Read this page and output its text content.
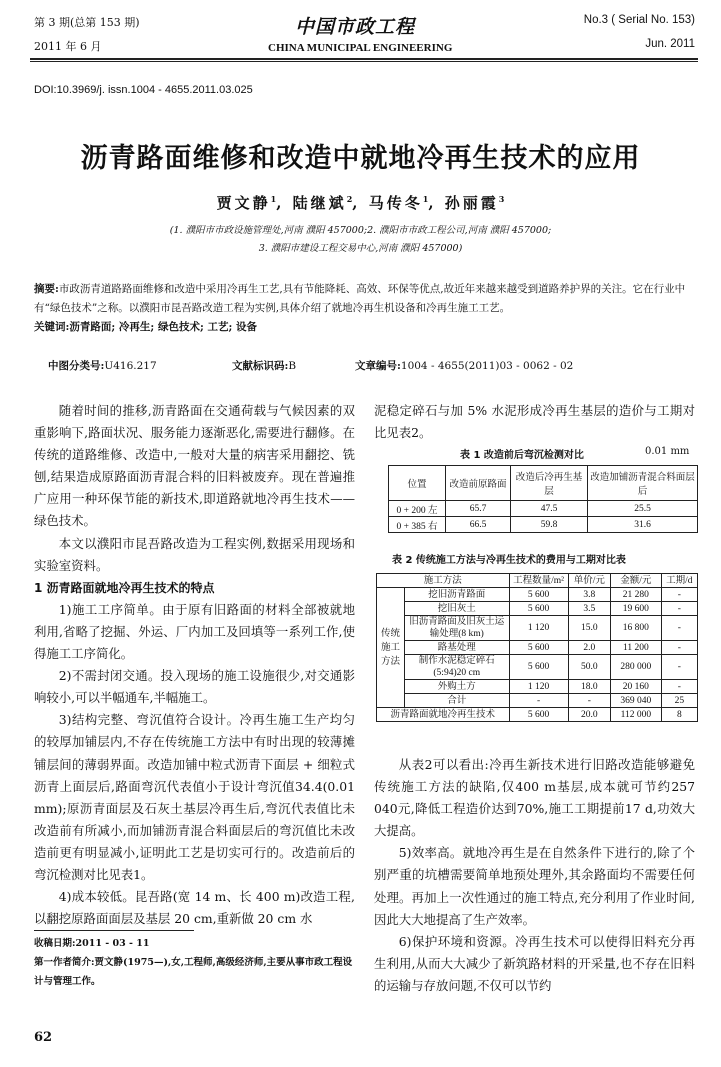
第 3 期(总第 153 期)
2011 年 6 月
中国市政工程
CHINA MUNICIPAL ENGINEERING
No.3 ( Serial No. 153)
Jun. 2011
DOI:10.3969/j. issn.1004 - 4655.2011.03.025
沥青路面维修和改造中就地冷再生技术的应用
贾文静$^1$, 陆继斌$^2$, 马传冬$^1$, 孙丽霞$^3$
(1. 濮阳市市政设施管理处,河南 濮阳 457000;2. 濮阳市市政工程公司,河南 濮阳 457000;
3. 濮阳市建设工程交易中心,河南 濮阳 457000)
摘要:市政沥青道路路面维修和改造中采用冷再生工艺,具有节能降耗、高效、环保等优点,故近年来越来越受到道路养护界的关注。它在行业中有“绿色技术”之称。以濮阳市昆吾路改造工程为实例,具体介绍了就地冷再生机设备和冷再生施工工艺。
关键词:沥青路面; 冷再生; 绿色技术; 工艺; 设备
中图分类号:U416.217	文献标识码:B	文章编号:1004 - 4655(2011)03 - 0062 - 02

随着时间的推移,沥青路面在交通荷载与气候因素的双重影响下,路面状况、服务能力逐渐恶化,需要进行翻修。在传统的道路维修、改造中,一般对大量的病害采用翻挖、铣刨,结果造成原路面沥青混合料的旧料被废弃。现在普遍推广应用一种环保节能的新技术,即道路就地冷再生技术——绿色技术。

本文以濮阳市昆吾路改造为工程实例,数据采用现场和实验室资料。

1 沥青路面就地冷再生技术的特点

1)施工工序简单。由于原有旧路面的材料全部被就地利用,省略了挖掘、外运、厂内加工及回填等一系列工作,使得施工工序简化。

2)不需封闭交通。投入现场的施工设施很少,对交通影响较小,可以半幅通车,半幅施工。

3)结构完整、弯沉值符合设计。冷再生施工生产均匀的较厚加铺层内,不存在传统施工方法中有时出现的较薄摊铺层间的薄弱界面。改造加铺中粒式沥青下面层 + 细粒式沥青上面层后,路面弯沉代表值小于设计弯沉值34.4(0.01 mm);原沥青面层及石灰土基层冷再生后,弯沉代表值比未改造前有所减小,而加铺沥青混合料面层后的弯沉值比未改造前更有明显减小,证明此工艺是切实可行的。改造前后的弯沉检测对比见表1。

4)成本较低。昆吾路(宽 14 m、长 400 m)改造工程,以翻挖原路面面层及基层 20 cm,重新做 20 cm 水

收稿日期:2011 - 03 - 11
第一作者简介:贾文静(1975—),女,工程师,高级经济师,主要从事市政工程设计与管理工作。
62

泥稳定碎石与加 5% 水泥形成冷再生基层的造价与工期对比见表2。

表 1 改造前后弯沉检测对比	0.01 mm
位置	改造前原路面	改造后冷再生基层	改造加铺沥青混合料面层后
0 + 200 左	65.7	47.5	25.5
0 + 385 右	66.5	59.8	31.6
表 2 传统施工方法与冷再生技术的费用与工期对比表
施工方法		工程数量/m²	单价/元	金额/元	工期/d
传统施工方法	挖旧沥青路面	5 600	3.8	21 280	-
	挖旧灰土	5 600	3.5	19 600	-
	旧沥青路面及旧灰土运输处理(8 km)	1 120	15.0	16 800	-
	路基处理	5 600	2.0	11 200	-
	制作水泥稳定碎石(5:94)20 cm	5 600	50.0	280 000	-
	外购土方	1 120	18.0	20 160	-
	合计	-	-	369 040	25
沥青路面就地冷再生技术		5 600	20.0	112 000	8

从表2可以看出:冷再生新技术进行旧路改造能够避免传统施工方法的缺陷,仅400 m基层,成本就可节约257 040元,降低工程造价达到70%,施工工期提前17 d,功效大大提高。

5)效率高。就地冷再生是在自然条件下进行的,除了个别严重的坑槽需要简单地预处理外,其余路面均不需要任何处理。再加上一次性通过的施工特点,充分利用了作业时间,因此大大地提高了生产效率。

6)保护环境和资源。冷再生技术可以使得旧料充分再生利用,从而大大减少了新筑路材料的开采量,也不存在旧料的运输与存放问题,不仅可以节约
